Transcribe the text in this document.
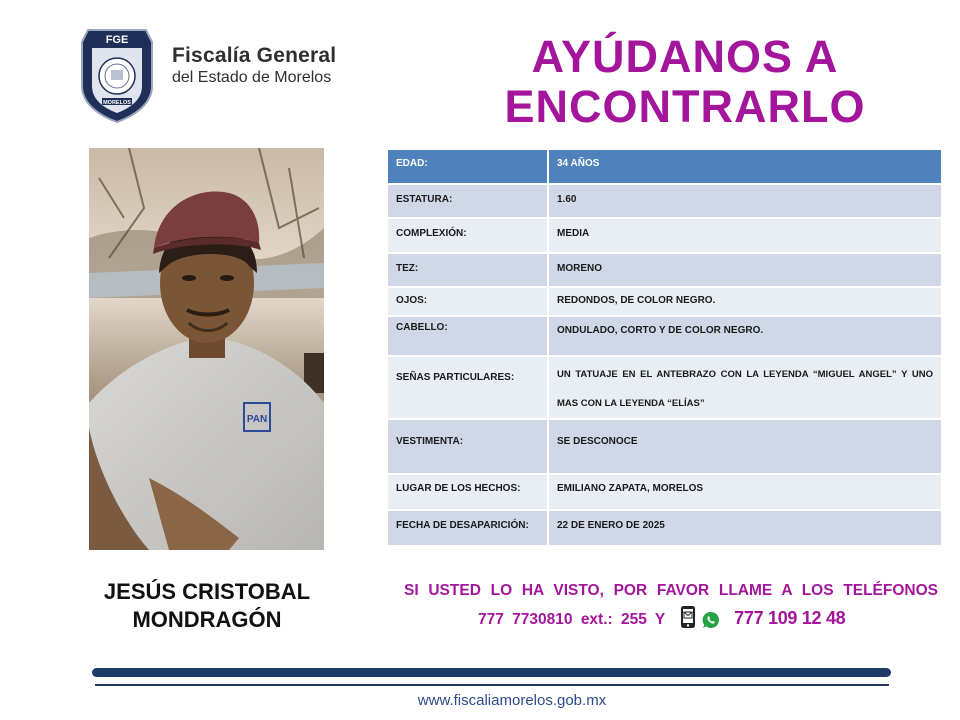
FGE
MORELOS
Fiscalía General
del Estado de Morelos	AYÚDANOS A
ENCONTRARLO
PAN
EDAD:	34 AÑOS
ESTATURA:	1.60
COMPLEXIÓN:	MEDIA
TEZ:	MORENO
OJOS:	REDONDOS, DE COLOR NEGRO.
CABELLO:	ONDULADO, CORTO Y DE COLOR NEGRO.
SEÑAS PARTICULARES:	UN TATUAJE EN EL ANTEBRAZO CON LA LEYENDA “MIGUEL ANGEL” Y UNO MAS CON LA LEYENDA “ELÍAS”
VESTIMENTA:	SE DESCONOCE
LUGAR DE LOS HECHOS:	EMILIANO ZAPATA, MORELOS
FECHA DE DESAPARICIÓN:	22 DE ENERO DE 2025
JESÚS CRISTOBAL
MONDRAGÓN
SI USTED LO HA VISTO, POR FAVOR LLAME A LOS TELÉFONOS
777 7730810 ext.: 255 Y	777 109 12 48
www.fiscaliamorelos.gob.mx
